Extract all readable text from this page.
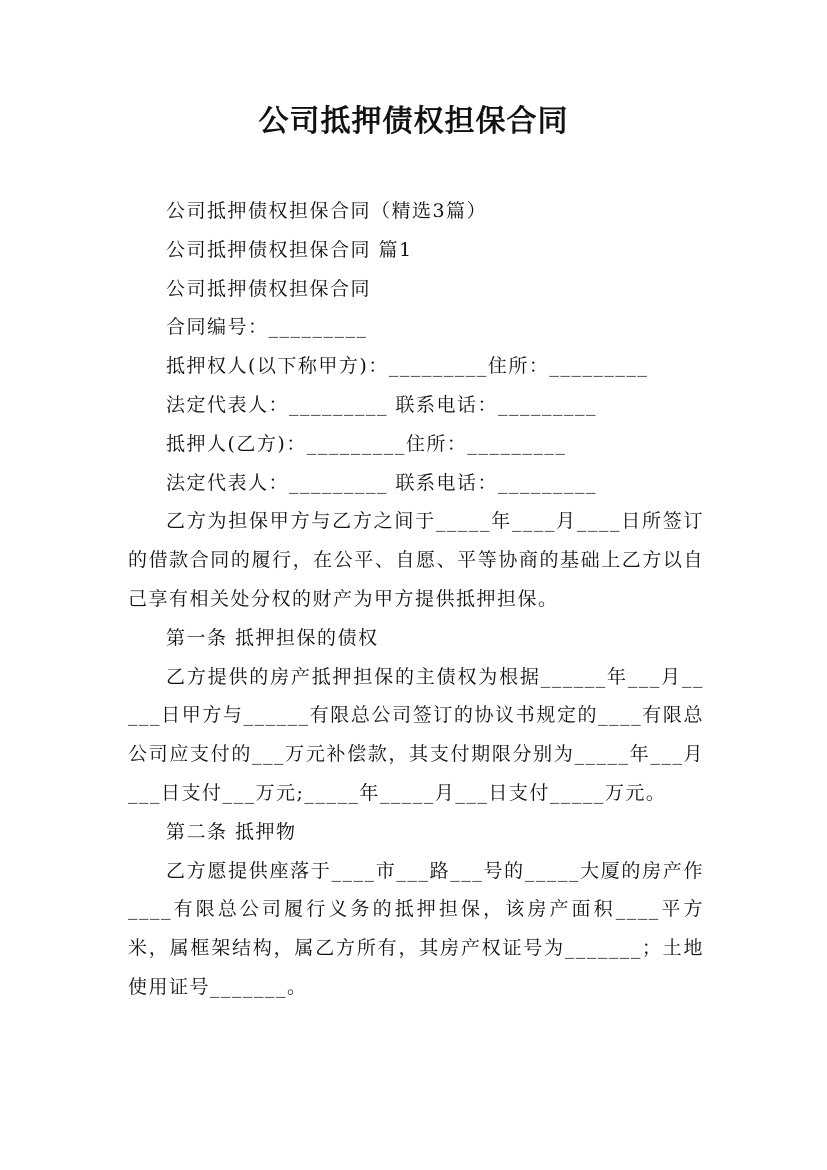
公司抵押债权担保合同

公司抵押债权担保合同（精选3篇）

公司抵押债权担保合同 篇1

公司抵押债权担保合同

合同编号：_________

抵押权人(以下称甲方)：_________住所：_________

法定代表人：_________ 联系电话：_________

抵押人(乙方)：_________住所：_________

法定代表人：_________ 联系电话：_________

乙方为担保甲方与乙方之间于_____年____月____日所签订的借款合同的履行，在公平、自愿、平等协商的基础上乙方以自己享有相关处分权的财产为甲方提供抵押担保。

第一条 抵押担保的债权

乙方提供的房产抵押担保的主债权为根据______年___月_____日甲方与______有限总公司签订的协议书规定的____有限总公司应支付的___万元补偿款，其支付期限分别为_____年___月___日支付___万元;_____年_____月___日支付_____万元。

第二条 抵押物

乙方愿提供座落于____市___路___号的_____大厦的房产作____有限总公司履行义务的抵押担保，该房产面积____平方米，属框架结构，属乙方所有，其房产权证号为_______；土地使用证号_______。
